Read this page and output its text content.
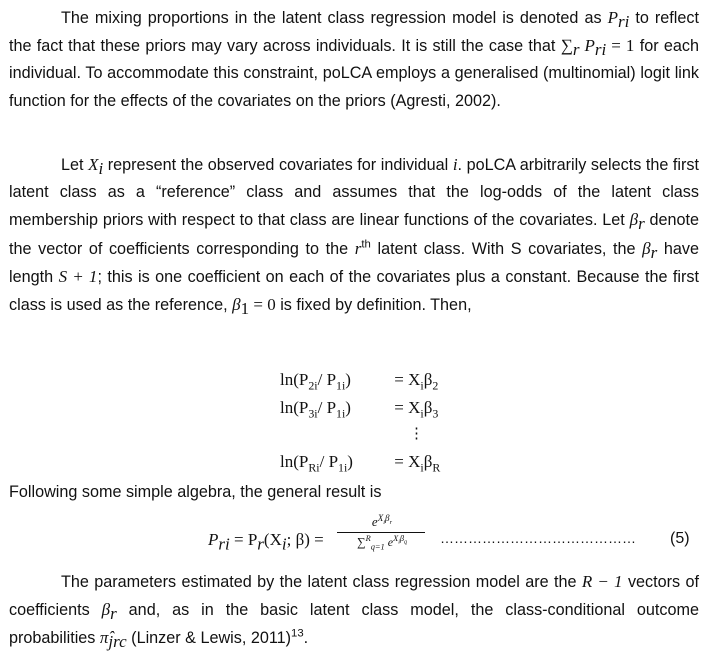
The mixing proportions in the latent class regression model is denoted as $P_{ri}$ to reflect the fact that these priors may vary across individuals. It is still the case that $\sum_r$ $P_{ri} = 1$ for each individual. To accommodate this constraint, poLCA employs a generalised (multinomial) logit link function for the effects of the covariates on the priors (Agresti, 2002).

Let $X_i$ represent the observed covariates for individual i. poLCA arbitrarily selects the first latent class as a “reference” class and assumes that the log-odds of the latent class membership priors with respect to that class are linear functions of the covariates. Let $\beta_r$ denote the vector of coefficients corresponding to the $r^{th}$ latent class. With S covariates, the $\beta_r$ have length S + 1; this is one coefficient on each of the covariates plus a constant. Because the first class is used as the reference, $\beta_1 = 0$ is fixed by definition. Then,

$\ln(P_{2i}/$ $P_{1i}$)	= $X_i\beta_2$
$\ln(P_{3i}/$ $P_{1i}$)	= $X_i\beta_3$
⋮
$\ln(P_{Ri}/$ $P_{1i}) = X_i\beta_R$

Following some simple algebra, the general result is

$P_{ri} = P_r(X_i$; β) =
$e^{X_i\beta_r}$
∑$^R_{q=1}$ $e^{X_i\beta_q}$	…………………………………… (5)

The parameters estimated by the latent class regression model are the R − 1 vectors of coefficients $\beta_r$ and, as in the basic latent class model, the class-conditional outcome probabilities $\pî_{jrc}$ (Linzer & Lewis, 2011)$^{13}$.
